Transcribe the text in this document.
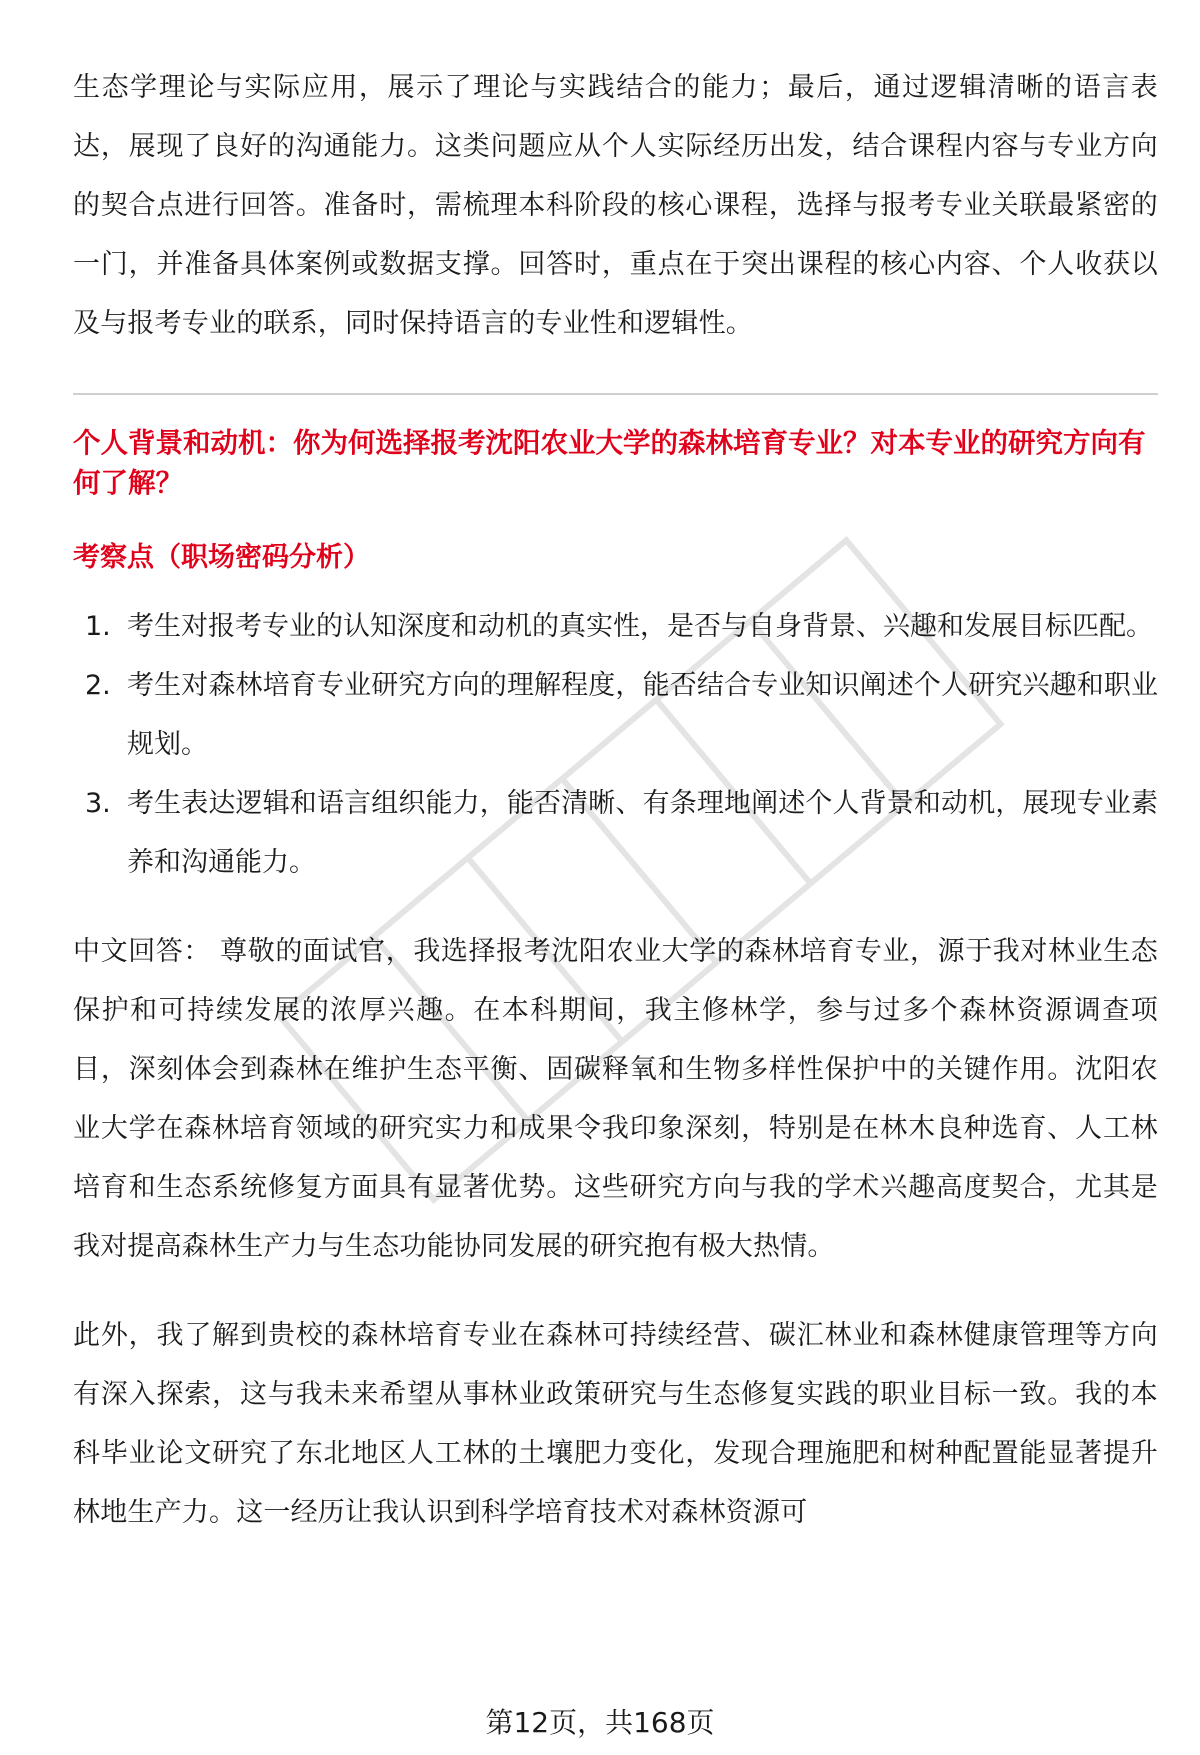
生态学理论与实际应用，展示了理论与实践结合的能力；最后，通过逻辑清晰的语言表达，展现了良好的沟通能力。这类问题应从个人实际经历出发，结合课程内容与专业方向的契合点进行回答。准备时，需梳理本科阶段的核心课程，选择与报考专业关联最紧密的一门，并准备具体案例或数据支撑。回答时，重点在于突出课程的核心内容、个人收获以及与报考专业的联系，同时保持语言的专业性和逻辑性。

个人背景和动机：你为何选择报考沈阳农业大学的森林培育专业？对本专业的研究方向有何了解？

考察点（职场密码分析）

1. 考生对报考专业的认知深度和动机的真实性，是否与自身背景、兴趣和发展目标匹配。
2. 考生对森林培育专业研究方向的理解程度，能否结合专业知识阐述个人研究兴趣和职业规划。
3. 考生表达逻辑和语言组织能力，能否清晰、有条理地阐述个人背景和动机，展现专业素养和沟通能力。

中文回答： 尊敬的面试官，我选择报考沈阳农业大学的森林培育专业，源于我对林业生态保护和可持续发展的浓厚兴趣。在本科期间，我主修林学，参与过多个森林资源调查项目，深刻体会到森林在维护生态平衡、固碳释氧和生物多样性保护中的关键作用。沈阳农业大学在森林培育领域的研究实力和成果令我印象深刻，特别是在林木良种选育、人工林培育和生态系统修复方面具有显著优势。这些研究方向与我的学术兴趣高度契合，尤其是我对提高森林生产力与生态功能协同发展的研究抱有极大热情。

此外，我了解到贵校的森林培育专业在森林可持续经营、碳汇林业和森林健康管理等方向有深入探索，这与我未来希望从事林业政策研究与生态修复实践的职业目标一致。我的本科毕业论文研究了东北地区人工林的土壤肥力变化，发现合理施肥和树种配置能显著提升林地生产力。这一经历让我认识到科学培育技术对森林资源可

第12页，共168页
